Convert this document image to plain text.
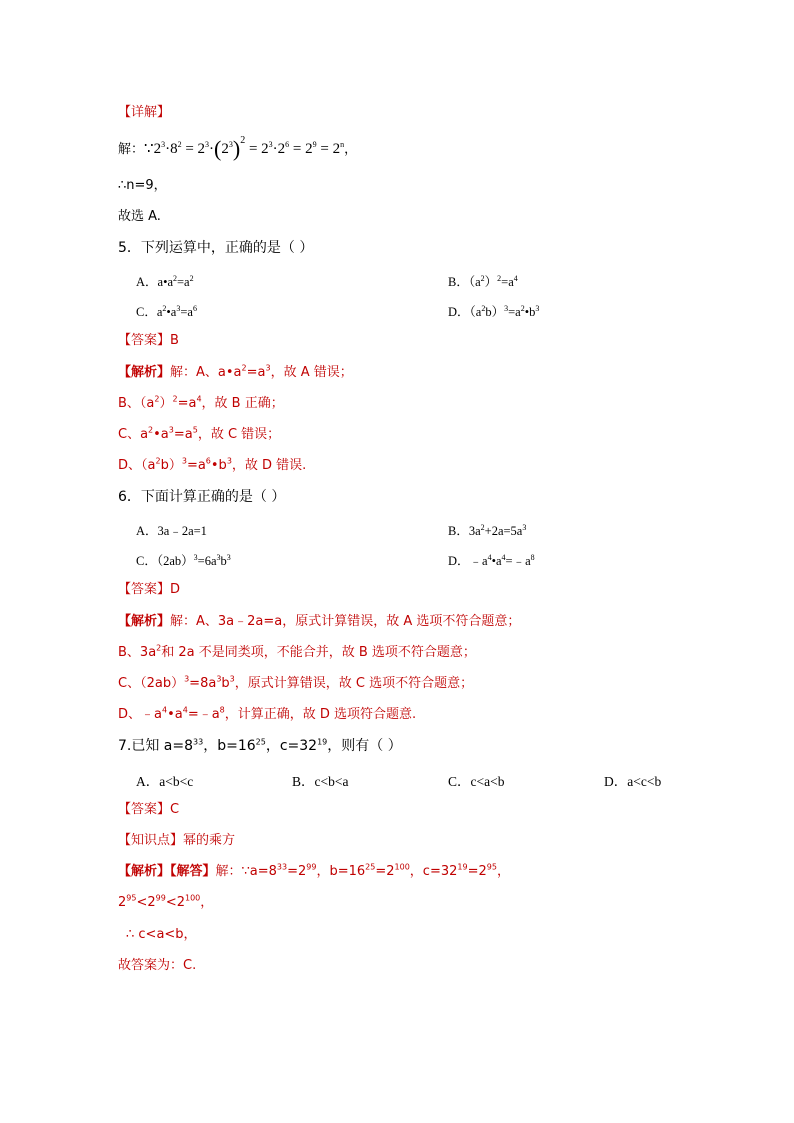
【详解】
解：$\because 2^3\cdot 8^2 = 2^3\cdot(2^3)^2 = 2^3\cdot 2^6 = 2^9 = 2^n$，
∴n=9，
故选 A.
5．下列运算中，正确的是（ ）
A．$a•a^2=a^2$	B．$(a^2)^2=a^4$
C．$a^2•a^3=a^6$	D．$(a^2b)^3=a^2•b^3$
【答案】B
【解析】解：A、$a•a^2=a^3$，故 A 错误；
B、$(a^2)^2=a^4$，故 B 正确；
C、$a^2•a^3=a^5$，故 C 错误；
D、$(a^2b)^3=a^6•b^3$，故 D 错误.
6．下面计算正确的是（ ）
A．3a﹣2a=1	B．$3a^2+2a=5a^3$
C．$(2ab)^3=6a^3b^3$	D．$﹣a^4•a^4=﹣a^8$
【答案】D
【解析】解：A、3a﹣2a=a，原式计算错误，故 A 选项不符合题意；
B、$3a^2$和 2a 不是同类项，不能合并，故 B 选项不符合题意；
C、$(2ab)^3=8a^3b^3$，原式计算错误，故 C 选项不符合题意；
D、$﹣a^4•a^4=﹣a^8$，计算正确，故 D 选项符合题意.
7.已知 $a=8^{33}$，$b=16^{25}$，$c=32^{19}$，则有（ ）
A．a<b<c	B．c<b<a	C．c<a<b	D．a<c<b
【答案】C
【知识点】幂的乘方
【解析】【解答】解：$\because a=8^{33}=2^{99}$，$b=16^{25}=2^{100}$，$c=32^{19}=2^{95}$，
$2^{95}<2^{99}<2^{100}$，
∴ c<a<b，
故答案为：C.
